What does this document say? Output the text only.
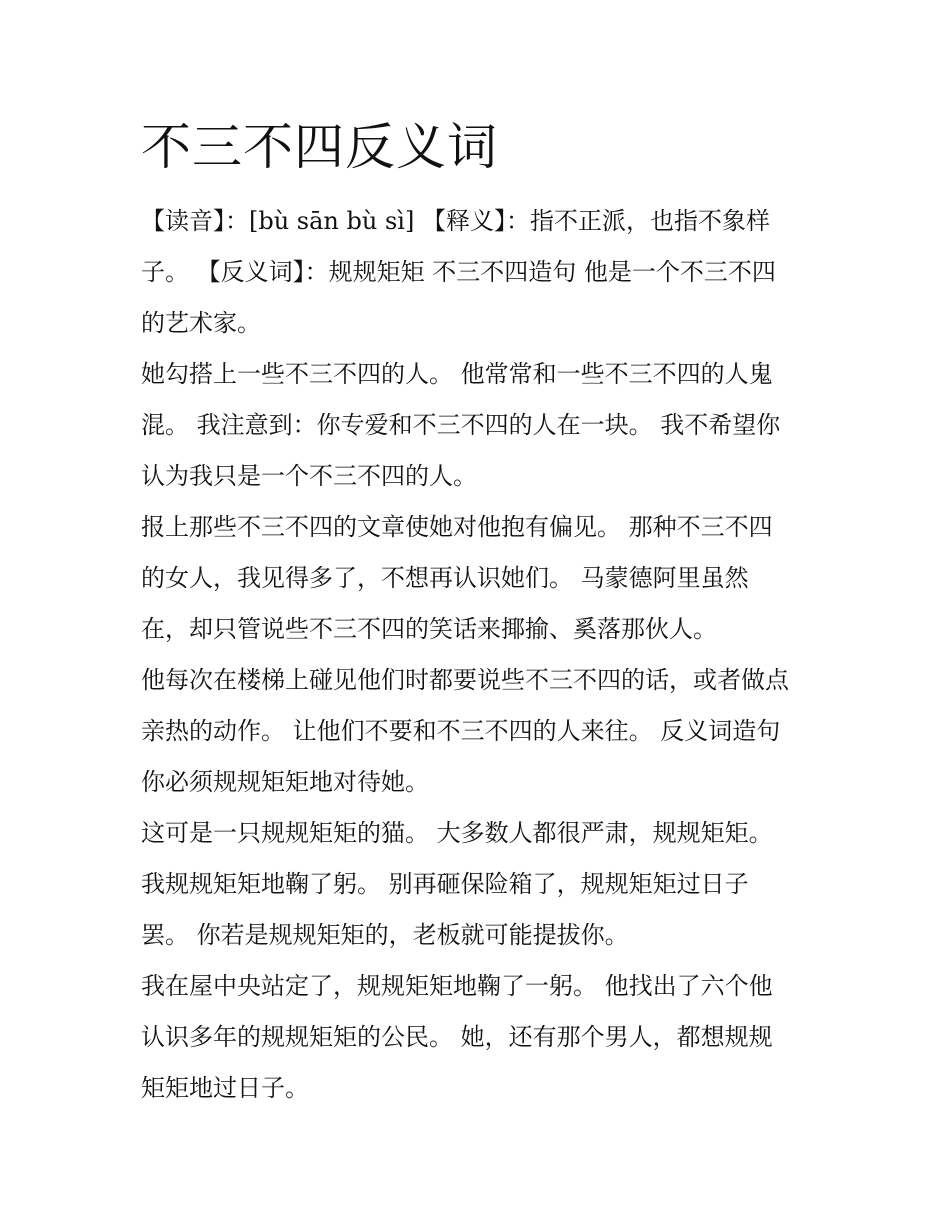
不三不四反义词

【读音】：[bù sān bù sì] 【释义】：指不正派，也指不象样
子。 【反义词】：规规矩矩 不三不四造句 他是一个不三不四
的艺术家。

她勾搭上一些不三不四的人。 他常常和一些不三不四的人鬼
混。 我注意到：你专爱和不三不四的人在一块。 我不希望你
认为我只是一个不三不四的人。

报上那些不三不四的文章使她对他抱有偏见。 那种不三不四
的女人，我见得多了，不想再认识她们。 马蒙德阿里虽然
在，却只管说些不三不四的笑话来揶揄、奚落那伙人。

他每次在楼梯上碰见他们时都要说些不三不四的话，或者做点
亲热的动作。 让他们不要和不三不四的人来往。 反义词造句
你必须规规矩矩地对待她。

这可是一只规规矩矩的猫。 大多数人都很严肃，规规矩矩。
我规规矩矩地鞠了躬。 别再砸保险箱了，规规矩矩过日子
罢。 你若是规规矩矩的，老板就可能提拔你。

我在屋中央站定了，规规矩矩地鞠了一躬。 他找出了六个他
认识多年的规规矩矩的公民。 她，还有那个男人，都想规规
矩矩地过日子。
